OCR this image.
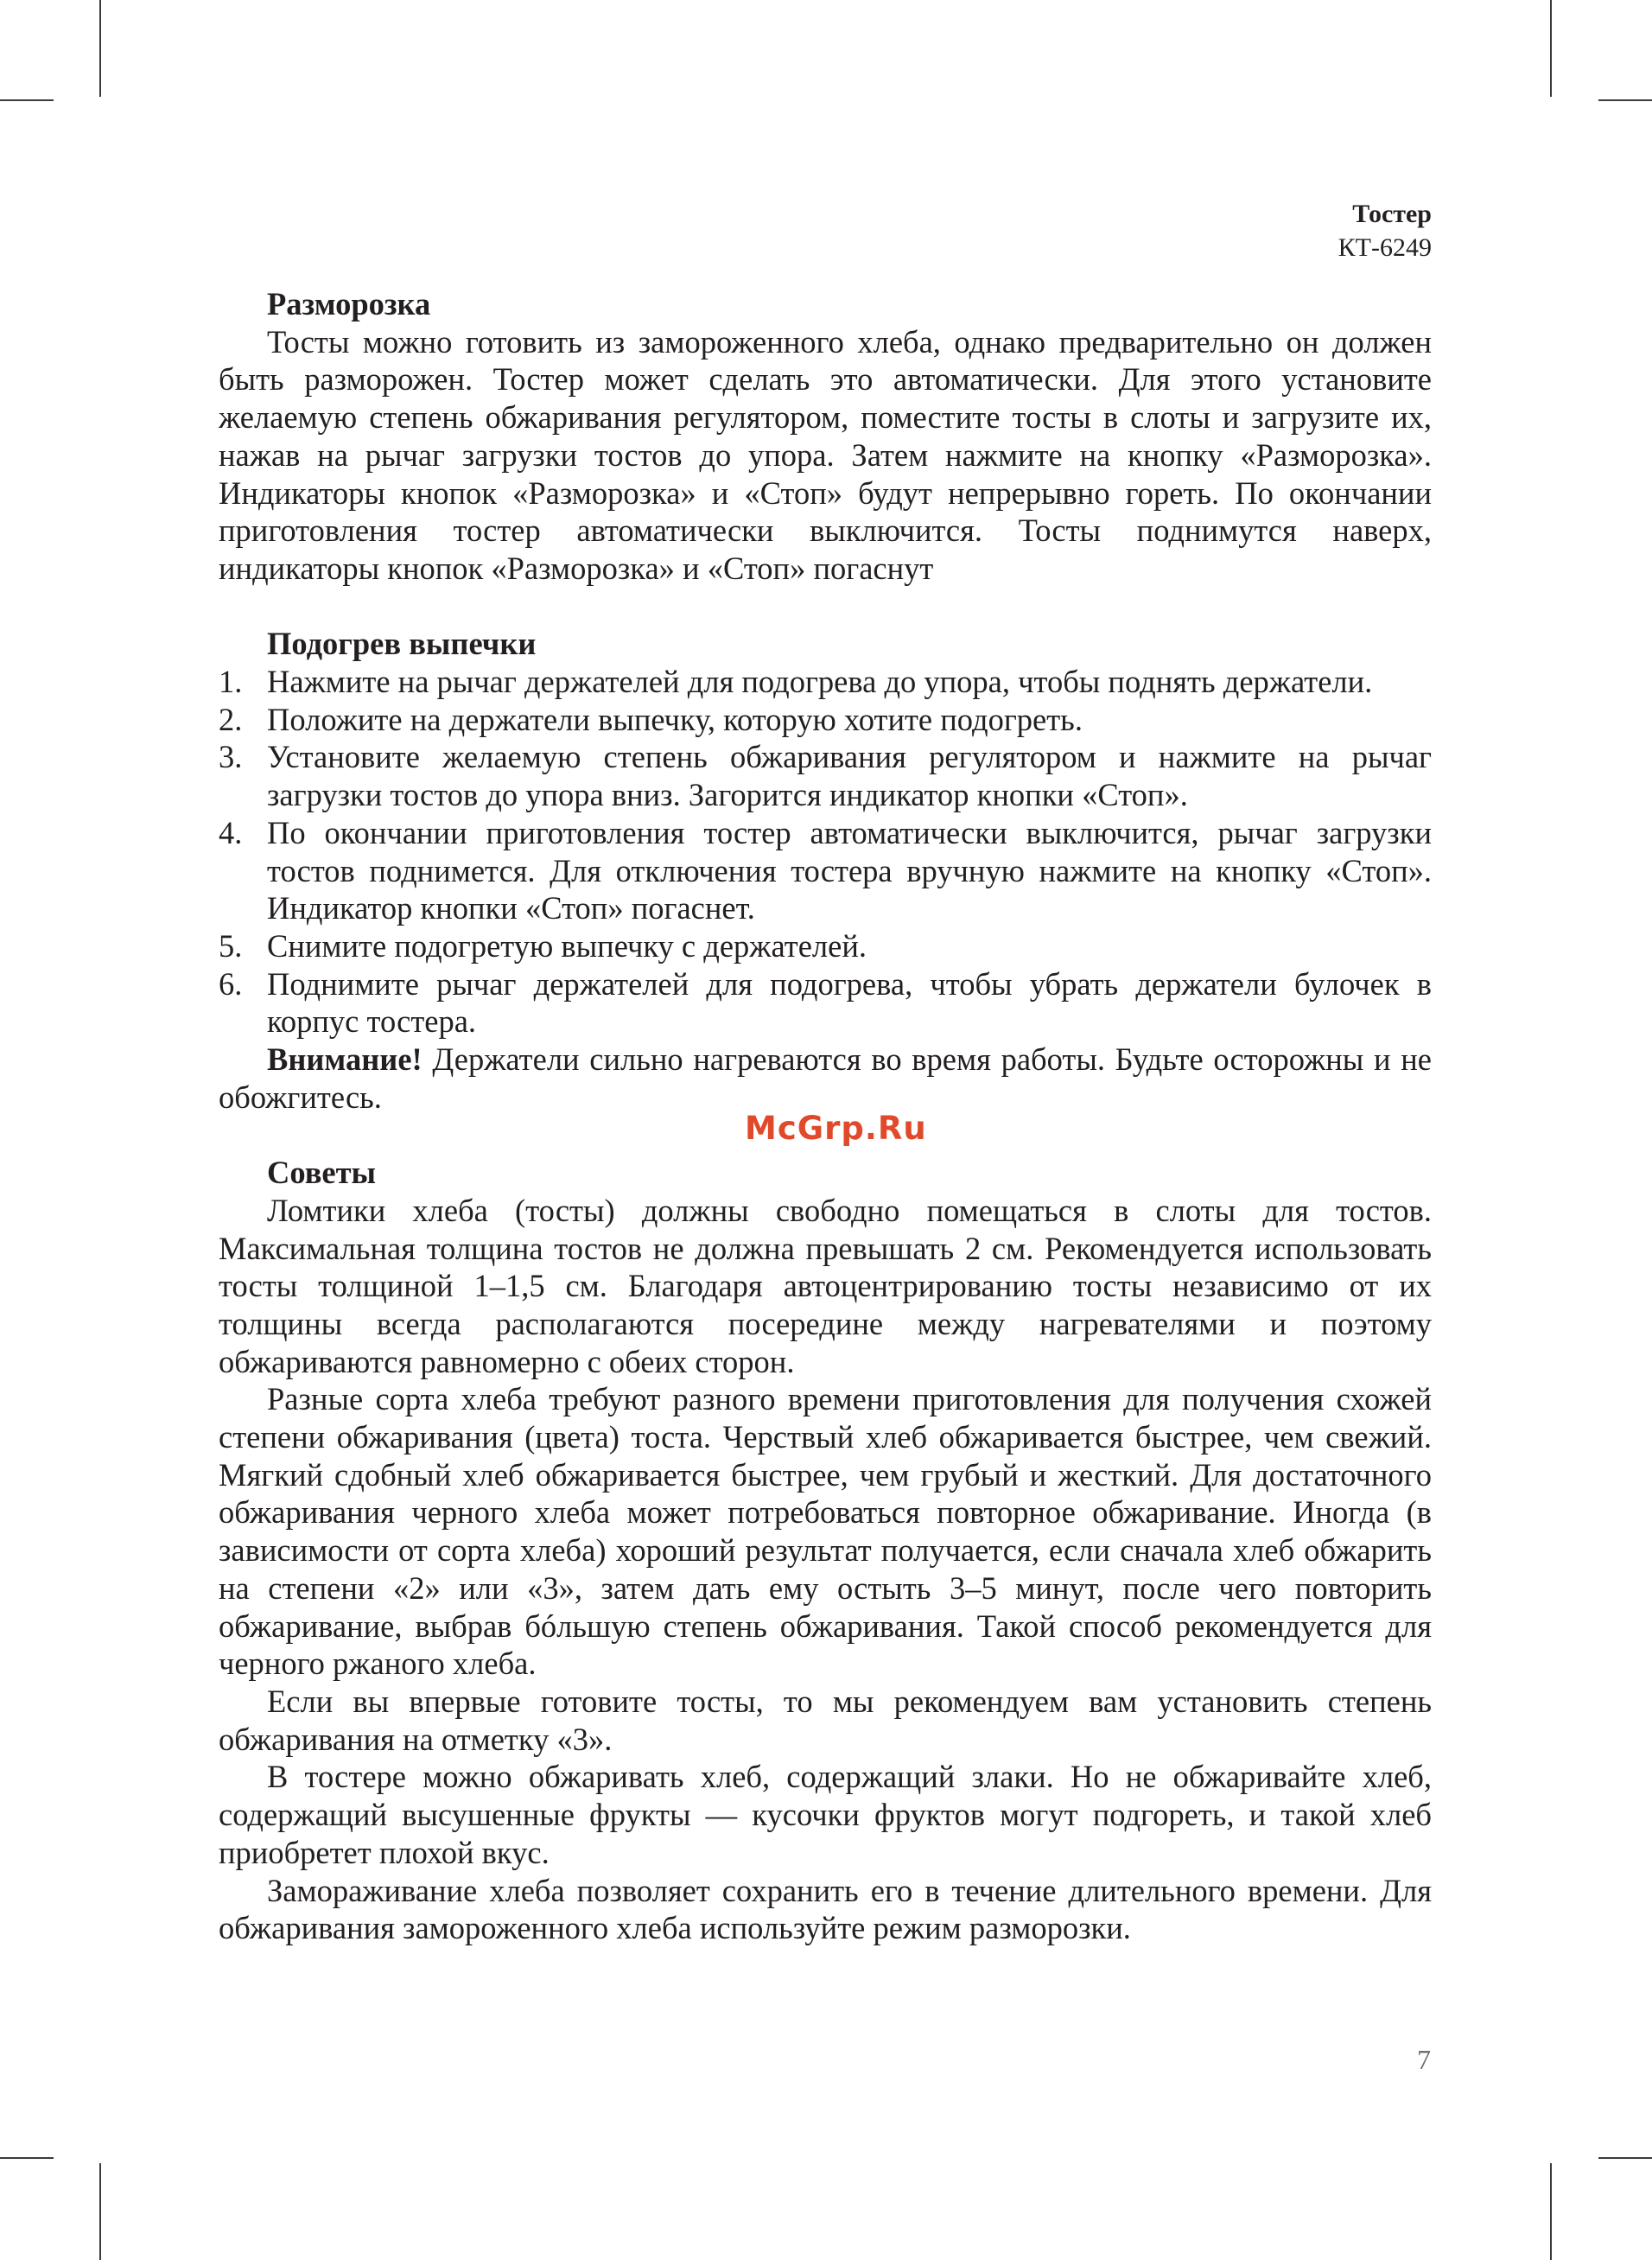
Тостер
КТ-6249

Разморозка

Тосты можно готовить из замороженного хлеба, однако предварительно он должен быть разморожен. Тостер может сделать это автоматически. Для этого установите желаемую степень обжаривания регулятором, поместите тосты в слоты и загрузите их, нажав на рычаг загрузки тостов до упора. Затем нажмите на кнопку «Разморозка». Индикаторы кнопок «Разморозка» и «Стоп» будут непрерывно гореть. По окончании приготовления тостер автоматически выключится. Тосты поднимутся наверх, индикаторы кнопок «Разморозка» и «Стоп» погаснут

Подогрев выпечки

1. Нажмите на рычаг держателей для подогрева до упора, чтобы поднять держатели.
2. Положите на держатели выпечку, которую хотите подогреть.
3. Установите желаемую степень обжаривания регулятором и нажмите на рычаг загрузки тостов до упора вниз. Загорится индикатор кнопки «Стоп».
4. По окончании приготовления тостер автоматически выключится, рычаг загрузки тостов поднимется. Для отключения тостера вручную нажмите на кнопку «Стоп». Индикатор кнопки «Стоп» погаснет.
5. Снимите подогретую выпечку с держателей.
6. Поднимите рычаг держателей для подогрева, чтобы убрать держатели булочек в корпус тостера.

Внимание! Держатели сильно нагреваются во время работы. Будьте осторожны и не обожгитесь.

Советы

Ломтики хлеба (тосты) должны свободно помещаться в слоты для тостов. Максимальная толщина тостов не должна превышать 2 см. Рекомендуется использовать тосты толщиной 1–1,5 см. Благодаря автоцентрированию тосты независимо от их толщины всегда располагаются посередине между нагревателями и поэтому обжариваются равномерно с обеих сторон.

Разные сорта хлеба требуют разного времени приготовления для получения схожей степени обжаривания (цвета) тоста. Черствый хлеб обжаривается быстрее, чем свежий. Мягкий сдобный хлеб обжаривается быстрее, чем грубый и жесткий. Для достаточного обжаривания черного хлеба может потребоваться повторное обжаривание. Иногда (в зависимости от сорта хлеба) хороший результат получается, если сначала хлеб обжарить на степени «2» или «3», затем дать ему остыть 3–5 минут, после чего повторить обжаривание, выбрав бóльшую степень обжаривания. Такой способ рекомендуется для черного ржаного хлеба.

Если вы впервые готовите тосты, то мы рекомендуем вам установить степень обжаривания на отметку «3».

В тостере можно обжаривать хлеб, содержащий злаки. Но не обжаривайте хлеб, содержащий высушенные фрукты — кусочки фруктов могут подгореть, и такой хлеб приобретет плохой вкус.

Замораживание хлеба позволяет сохранить его в течение длительного времени. Для обжаривания замороженного хлеба используйте режим разморозки.

McGrp.Ru
7
